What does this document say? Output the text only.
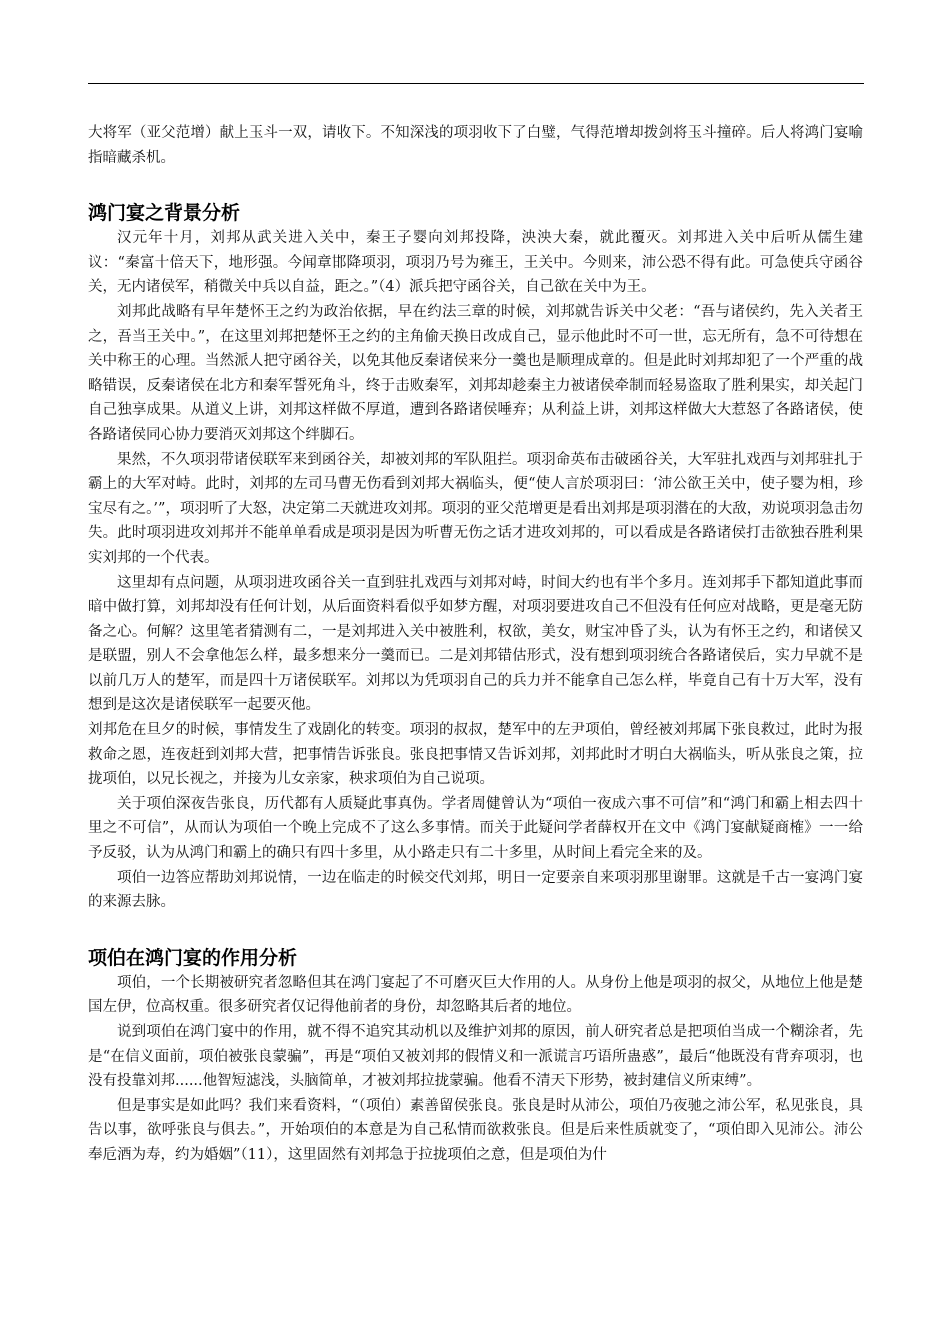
大将军（亚父范增）献上玉斗一双，请收下。不知深浅的项羽收下了白璧，气得范增却拨剑将玉斗撞碎。后人将鸿门宴喻指暗藏杀机。

鸿门宴之背景分析

汉元年十月，刘邦从武关进入关中，秦王子婴向刘邦投降，泱泱大秦，就此覆灭。刘邦进入关中后听从儒生建议：“秦富十倍天下，地形强。今闻章邯降项羽，项羽乃号为雍王，王关中。今则来，沛公恐不得有此。可急使兵守函谷关，无内诸侯军，稍微关中兵以自益，距之。”（4）派兵把守函谷关，自己欲在关中为王。

刘邦此战略有早年楚怀王之约为政治依据，早在约法三章的时候，刘邦就告诉关中父老：“吾与诸侯约，先入关者王之，吾当王关中。”，在这里刘邦把楚怀王之约的主角偷天换日改成自己，显示他此时不可一世，忘无所有，急不可待想在关中称王的心理。当然派人把守函谷关，以免其他反秦诸侯来分一羹也是顺理成章的。但是此时刘邦却犯了一个严重的战略错误，反秦诸侯在北方和秦军誓死角斗，终于击败秦军，刘邦却趁秦主力被诸侯牵制而轻易盗取了胜利果实，却关起门自己独享成果。从道义上讲，刘邦这样做不厚道，遭到各路诸侯唾弃；从利益上讲，刘邦这样做大大惹怒了各路诸侯，使各路诸侯同心协力要消灭刘邦这个绊脚石。

果然，不久项羽带诸侯联军来到函谷关，却被刘邦的军队阻拦。项羽命英布击破函谷关，大军驻扎戏西与刘邦驻扎于霸上的大军对峙。此时，刘邦的左司马曹无伤看到刘邦大祸临头，便“使人言於项羽曰：‘沛公欲王关中，使子婴为相，珍宝尽有之。’”，项羽听了大怒，决定第二天就进攻刘邦。项羽的亚父范增更是看出刘邦是项羽潜在的大敌，劝说项羽急击勿失。此时项羽进攻刘邦并不能单单看成是项羽是因为听曹无伤之话才进攻刘邦的，可以看成是各路诸侯打击欲独吞胜利果实刘邦的一个代表。

这里却有点问题，从项羽进攻函谷关一直到驻扎戏西与刘邦对峙，时间大约也有半个多月。连刘邦手下都知道此事而暗中做打算，刘邦却没有任何计划，从后面资料看似乎如梦方醒，对项羽要进攻自己不但没有任何应对战略，更是毫无防备之心。何解？这里笔者猜测有二，一是刘邦进入关中被胜利，权欲，美女，财宝冲昏了头，认为有怀王之约，和诸侯又是联盟，别人不会拿他怎么样，最多想来分一羹而已。二是刘邦错估形式，没有想到项羽统合各路诸侯后，实力早就不是以前几万人的楚军，而是四十万诸侯联军。刘邦以为凭项羽自己的兵力并不能拿自己怎么样，毕竟自己有十万大军，没有想到是这次是诸侯联军一起要灭他。

刘邦危在旦夕的时候，事情发生了戏剧化的转变。项羽的叔叔，楚军中的左尹项伯，曾经被刘邦属下张良救过，此时为报救命之恩，连夜赶到刘邦大营，把事情告诉张良。张良把事情又告诉刘邦，刘邦此时才明白大祸临头，听从张良之策，拉拢项伯，以兄长视之，并接为儿女亲家，秧求项伯为自己说项。

关于项伯深夜告张良，历代都有人质疑此事真伪。学者周健曾认为“项伯一夜成六事不可信”和“鸿门和霸上相去四十里之不可信”，从而认为项伯一个晚上完成不了这么多事情。而关于此疑问学者薛权开在文中《鸿门宴献疑商榷》一一给予反驳，认为从鸿门和霸上的确只有四十多里，从小路走只有二十多里，从时间上看完全来的及。

项伯一边答应帮助刘邦说情，一边在临走的时候交代刘邦，明日一定要亲自来项羽那里谢罪。这就是千古一宴鸿门宴的来源去脉。

项伯在鸿门宴的作用分析

项伯，一个长期被研究者忽略但其在鸿门宴起了不可磨灭巨大作用的人。从身份上他是项羽的叔父，从地位上他是楚国左伊，位高权重。很多研究者仅记得他前者的身份，却忽略其后者的地位。

说到项伯在鸿门宴中的作用，就不得不追究其动机以及维护刘邦的原因，前人研究者总是把项伯当成一个糊涂者，先是“在信义面前，项伯被张良蒙骗”，再是“项伯又被刘邦的假情义和一派谎言巧语所蛊惑”，最后“他既没有背弃项羽，也没有投靠刘邦......他智短滤浅，头脑简单，才被刘邦拉拢蒙骗。他看不清天下形势，被封建信义所束缚”。

但是事实是如此吗？我们来看资料，“（项伯）素善留侯张良。张良是时从沛公，项伯乃夜驰之沛公军，私见张良，具告以事，欲呼张良与俱去。”，开始项伯的本意是为自己私情而欲救张良。但是后来性质就变了，“项伯即入见沛公。沛公奉卮酒为寿，约为婚姻”（11），这里固然有刘邦急于拉拢项伯之意，但是项伯为什
